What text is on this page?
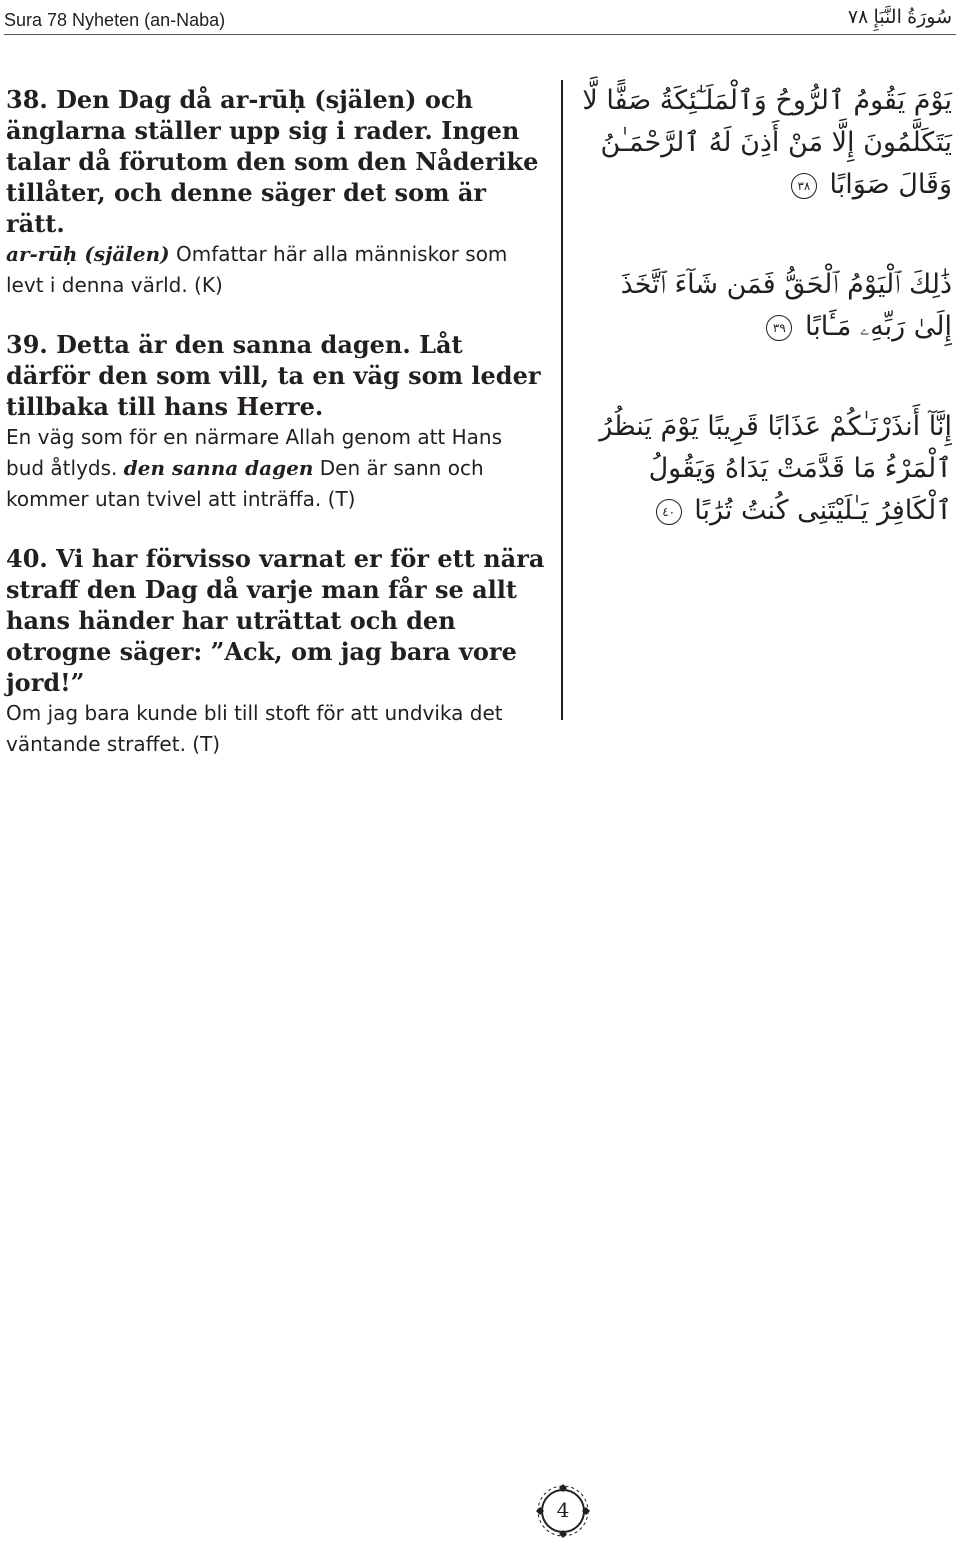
Sura 78 Nyheten (an-Naba)	سُورَةُ النَّبَإِ ٧٨
38. Den Dag då ar-rūḥ (själen) och änglarna ställer upp sig i rader. Ingen talar då förutom den som den Nåderike tillåter, och denne säger det som är rätt.
ar-rūḥ (själen) Omfattar här alla människor som levt i denna värld. (K)
39. Detta är den sanna dagen. Låt därför den som vill, ta en väg som leder tillbaka till hans Herre.
En väg som för en närmare Allah genom att Hans bud åtlyds. den sanna dagen Den är sann och kommer utan tvivel att inträffa. (T)
40. Vi har förvisso varnat er för ett nära straff den Dag då varje man får se allt hans händer har uträttat och den otrogne säger: ”Ack, om jag bara vore jord!”
Om jag bara kunde bli till stoft för att undvika det väntande straffet. (T)
يَوْمَ يَقُومُ ٱلرُّوحُ وَٱلْمَلَـٰٓئِكَةُ صَفًّا لَّا يَتَكَلَّمُونَ إِلَّا مَنْ أَذِنَ لَهُ ٱلرَّحْمَـٰنُ وَقَالَ صَوَابًا ٣٨
ذَٰلِكَ ٱلْيَوْمُ ٱلْحَقُّ فَمَن شَآءَ ٱتَّخَذَ إِلَىٰ رَبِّهِۦ مَـَٔابًا ٣٩
إِنَّآ أَنذَرْنَـٰكُمْ عَذَابًا قَرِيبًا يَوْمَ يَنظُرُ ٱلْمَرْءُ مَا قَدَّمَتْ يَدَاهُ وَيَقُولُ ٱلْكَافِرُ يَـٰلَيْتَنِى كُنتُ تُرَٰبًا ٤٠
4
